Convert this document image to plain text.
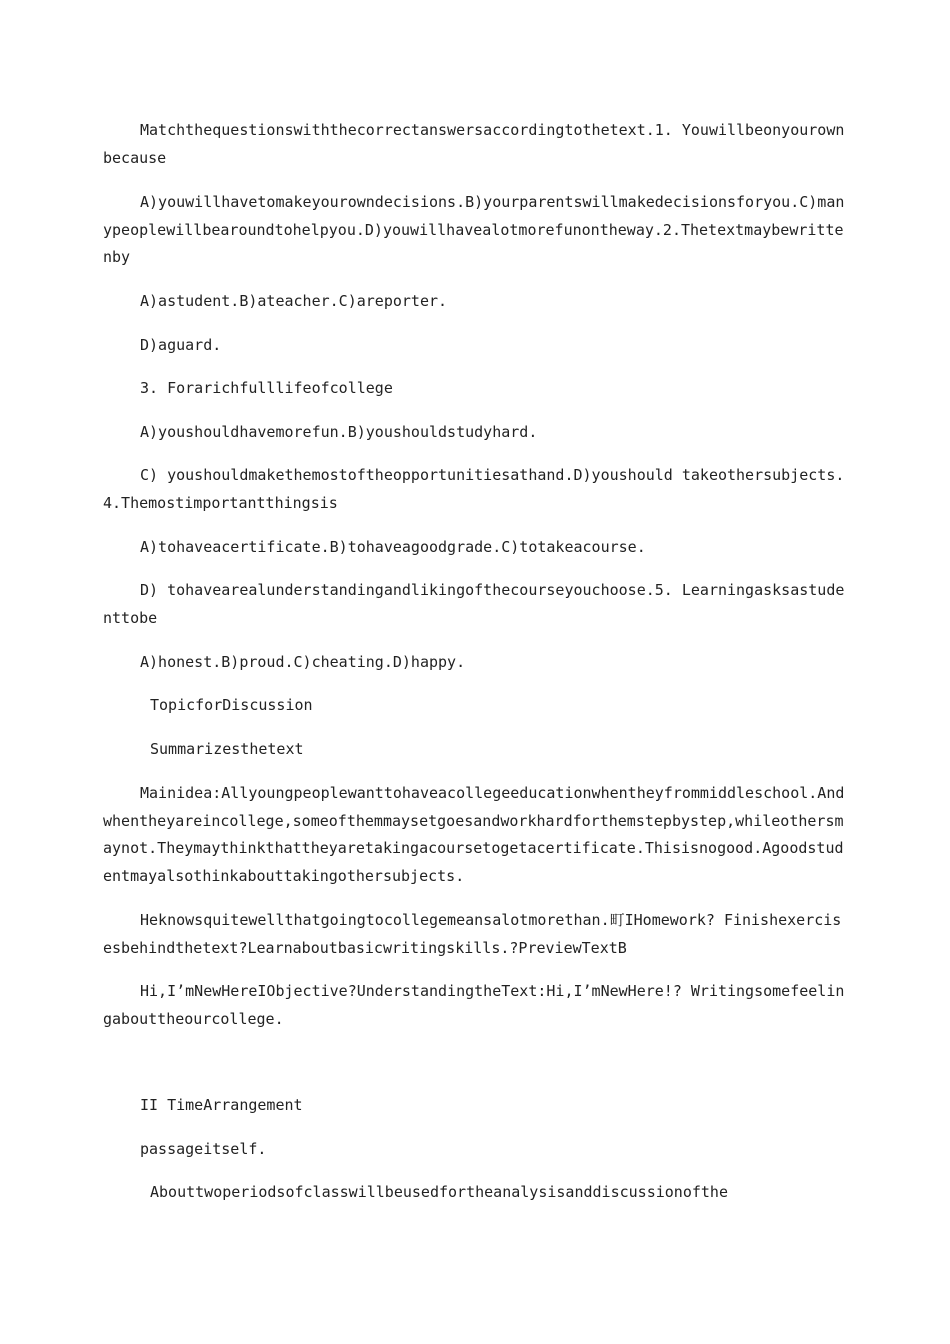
Matchthequestionswiththecorrectanswersaccordingtothetext.1. Youwillbeonyourownbecause

A)youwillhavetomakeyourowndecisions.B)yourparentswillmakedecisionsforyou.C)manypeoplewillbearoundtohelpyou.D)youwillhavealotmorefunontheway.2.Thetextmaybewrittenby

A)astudent.B)ateacher.C)areporter.

D)aguard.

3. Forarichfulllifeofcollege

A)youshouldhavemorefun.B)youshouldstudyhard.

C) youshouldmakethemostoftheopportunitiesathand.D)youshould takeothersubjects.4.Themostimportantthingsis

A)tohaveacertificate.B)tohaveagoodgrade.C)totakeacourse.

D) tohavearealunderstandingandlikingofthecourseyouchoose.5. Learningasksastudenttobe

A)honest.B)proud.C)cheating.D)happy.

TopicforDiscussion

Summarizesthetext

Mainidea:Allyoungpeoplewanttohaveacollegeeducationwhentheyfrommiddleschool.Andwhentheyareincollege,someofthemmaysetgoesandworkhardforthemstepbystep,whileothersmaynot.Theymaythinkthattheyaretakingacoursetogetacertificate.Thisisnogood.Agoodstudentmayalsothinkabouttakingothersubjects.

Heknowsquitewellthatgoingtocollegemeansalotmorethan.町IHomework? Finishexercisesbehindthetext?Learnaboutbasicwritingskills.?PreviewTextB

Hi,I’mNewHereIObjective?UnderstandingtheText:Hi,I’mNewHere!? Writingsomefeelingabouttheourcollege.

II TimeArrangement

passageitself.

Abouttwoperiodsofclasswillbeusedfortheanalysisanddiscussionofthe
